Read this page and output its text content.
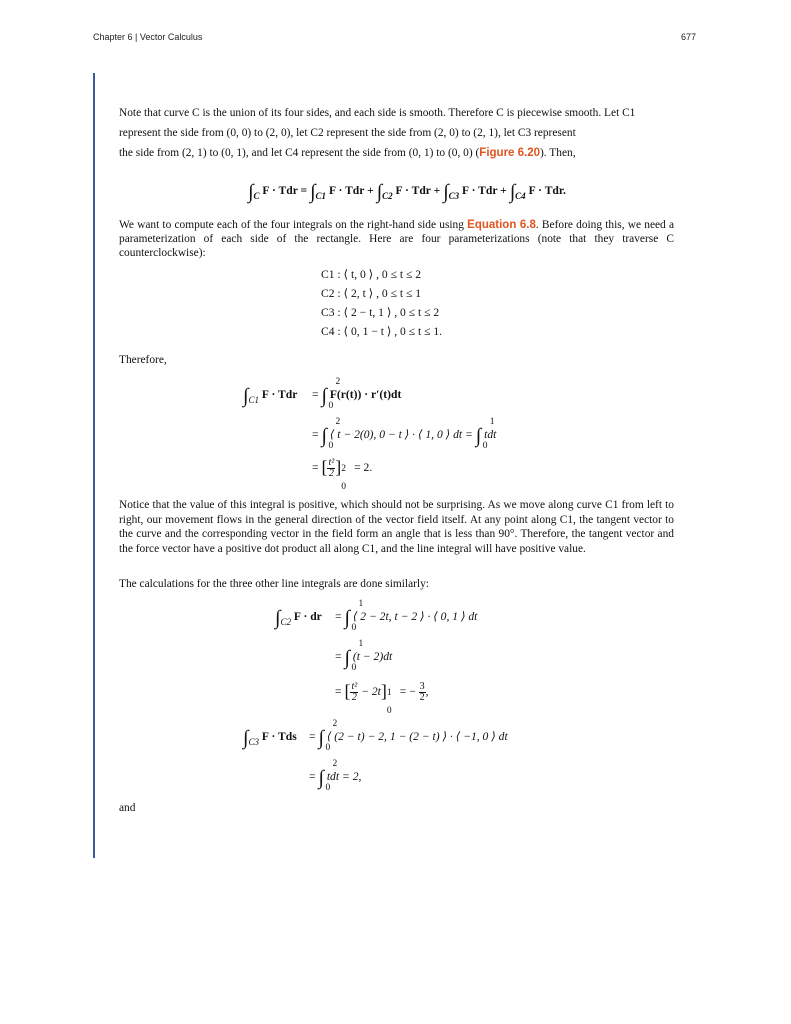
Chapter 6 | Vector Calculus	677
Note that curve C is the union of its four sides, and each side is smooth. Therefore C is piecewise smooth. Let C1
represent the side from (0, 0) to (2, 0), let C2 represent the side from (2, 0) to (2, 1), let C3 represent
the side from (2, 1) to (0, 1), and let C4 represent the side from (0, 1) to (0, 0) (Figure 6.20). Then,
$\int_C$ F · Tdr = $\int_{C1}$ F · Tdr + $\int_{C2}$ F · Tdr + $\int_{C3}$ F · Tdr + $\int_{C4}$ F · Tdr.
We want to compute each of the four integrals on the right-hand side using Equation 6.8. Before doing this, we need a parameterization of each side of the rectangle. Here are four parameterizations (note that they traverse C counterclockwise):
C1 : ⟨ t, 0 ⟩ , 0 ≤ t ≤ 2
C2 : ⟨ 2, t ⟩ , 0 ≤ t ≤ 1
C3 : ⟨ 2 − t, 1 ⟩ , 0 ≤ t ≤ 2
C4 : ⟨ 0, 1 − t ⟩ , 0 ≤ t ≤ 1.
Therefore,
$\int_{C1}$ F · Tdr = ∫
2
0
F(r(t)) · r′(t)dt
= ∫
2
0
⟨ t − 2(0), 0 − t ⟩ · ⟨ 1, 0 ⟩ dt = ∫
1
0
tdt
= [ $\frac{\text{t²}}{2}$ ] 2
0
= 2.
Notice that the value of this integral is positive, which should not be surprising. As we move along curve C1 from left to right, our movement flows in the general direction of the vector field itself. At any point along C1, the tangent vector to the curve and the corresponding vector in the field form an angle that is less than 90°. Therefore, the tangent vector and the force vector have a positive dot product all along C1, and the line integral will have positive value.
The calculations for the three other line integrals are done similarly:
$\int_{C2}$ F · dr = ∫
1
0
⟨ 2 − 2t, t − 2 ⟩ · ⟨ 0, 1 ⟩ dt
= ∫
1
0
(t − 2)dt
= [ $\frac{\text{t²}}{2} - 2t$] 1
0
= − $\frac{3}{2}$ ,
$\int_{C3}$ F · Tds = ∫
2
0
⟨ (2 − t) − 2, 1 − (2 − t) ⟩ · ⟨ −1, 0 ⟩ dt
= ∫
2
0
tdt = 2,
and
